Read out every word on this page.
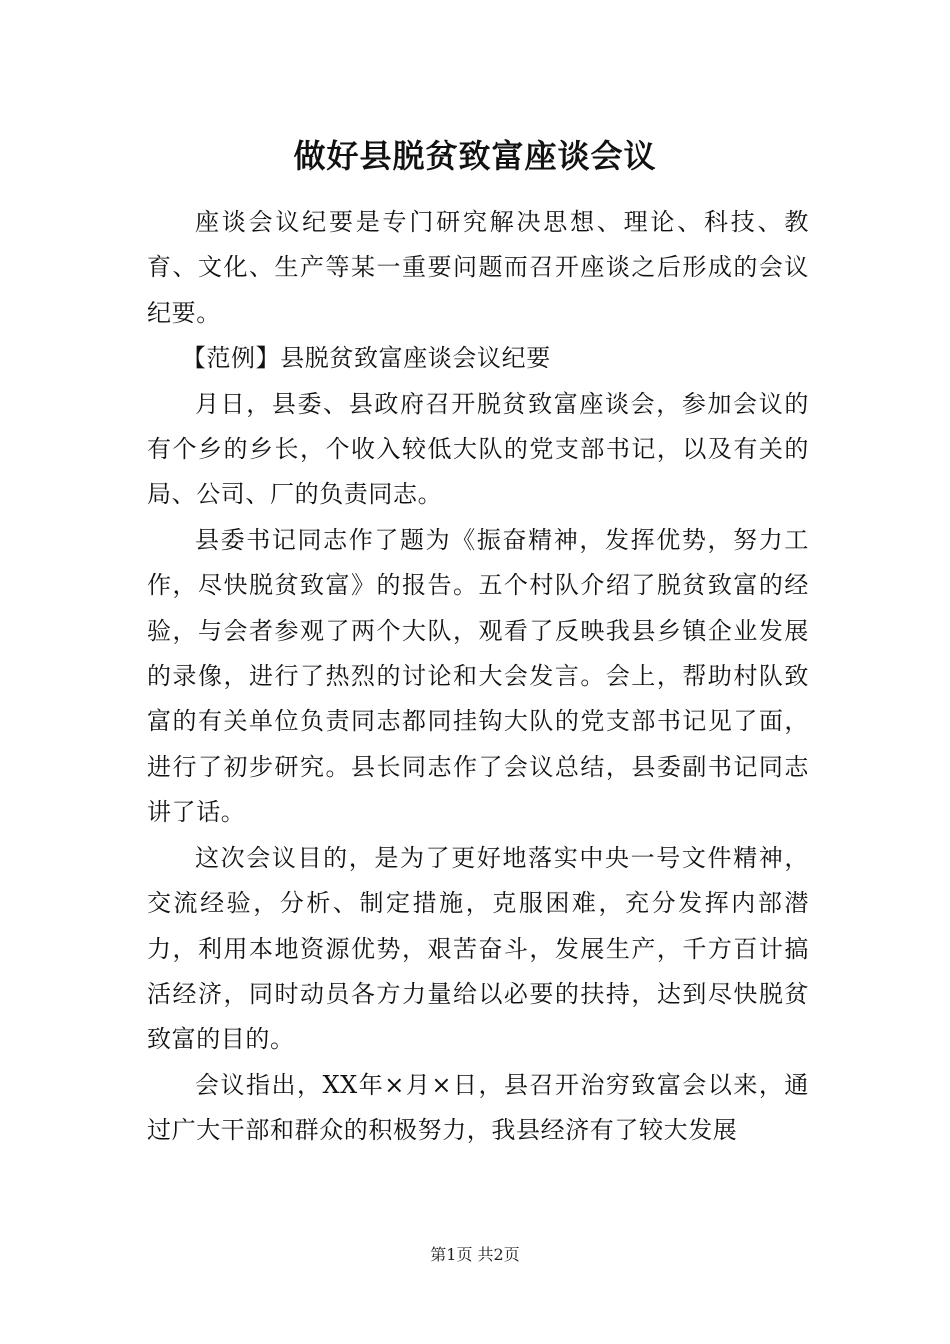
做好县脱贫致富座谈会议

座谈会议纪要是专门研究解决思想、理论、科技、教育、文化、生产等某一重要问题而召开座谈之后形成的会议纪要。

【范例】县脱贫致富座谈会议纪要

月日，县委、县政府召开脱贫致富座谈会，参加会议的有个乡的乡长，个收入较低大队的党支部书记，以及有关的局、公司、厂的负责同志。

县委书记同志作了题为《振奋精神，发挥优势，努力工作，尽快脱贫致富》的报告。五个村队介绍了脱贫致富的经验，与会者参观了两个大队，观看了反映我县乡镇企业发展的录像，进行了热烈的讨论和大会发言。会上，帮助村队致富的有关单位负责同志都同挂钩大队的党支部书记见了面，进行了初步研究。县长同志作了会议总结，县委副书记同志讲了话。

这次会议目的，是为了更好地落实中央一号文件精神，交流经验，分析、制定措施，克服困难，充分发挥内部潜力，利用本地资源优势，艰苦奋斗，发展生产，千方百计搞活经济，同时动员各方力量给以必要的扶持，达到尽快脱贫致富的目的。

会议指出，XX年×月×日，县召开治穷致富会以来，通过广大干部和群众的积极努力，我县经济有了较大发展

第1页 共2页
